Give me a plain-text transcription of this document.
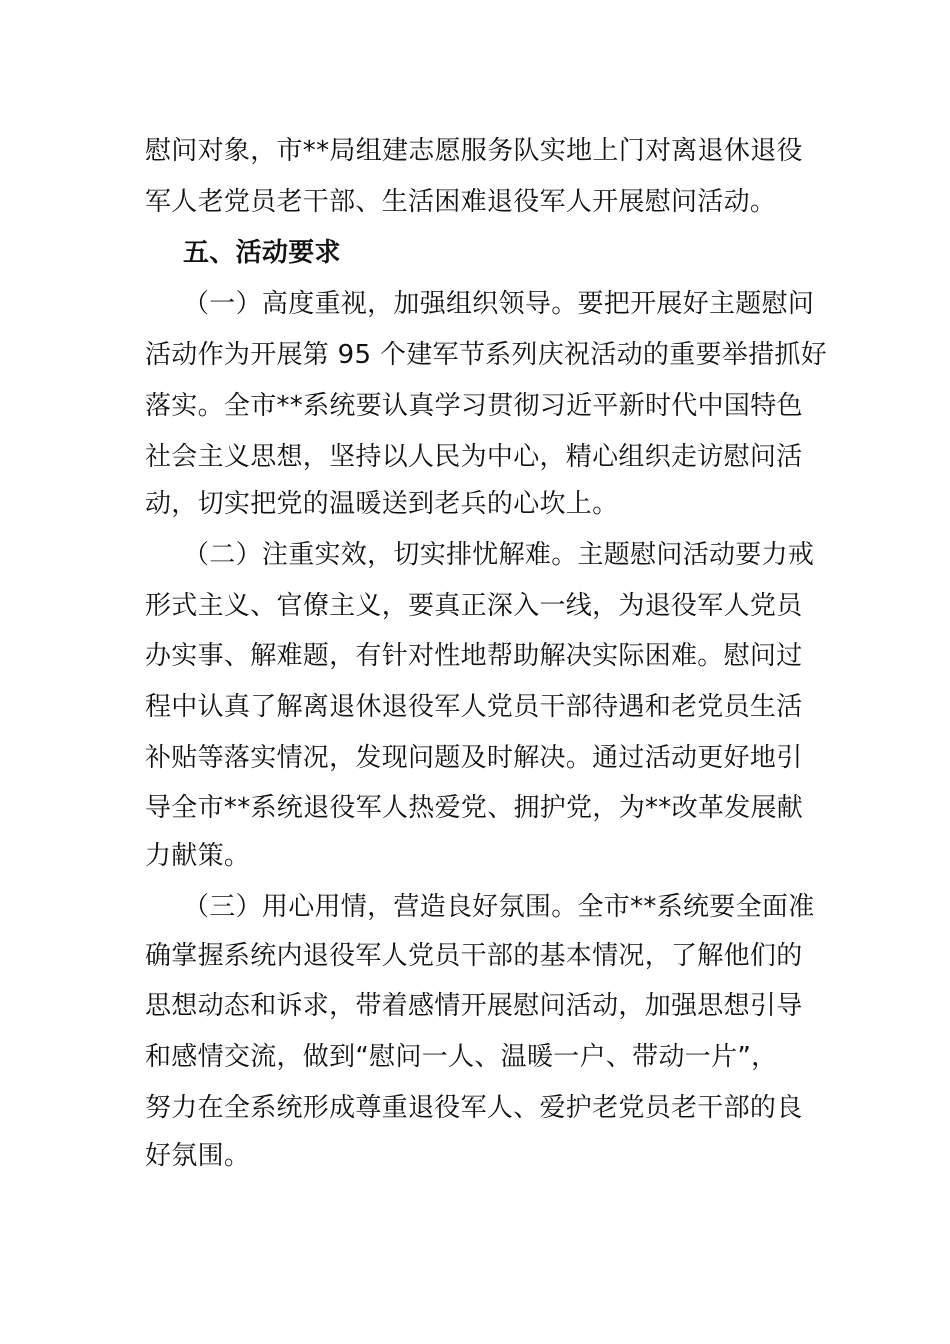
慰问对象，市**局组建志愿服务队实地上门对离退休退役
军人老党员老干部、生活困难退役军人开展慰问活动。
五、活动要求
（一）高度重视，加强组织领导。要把开展好主题慰问
活动作为开展第 95 个建军节系列庆祝活动的重要举措抓好
落实。全市**系统要认真学习贯彻习近平新时代中国特色
社会主义思想，坚持以人民为中心，精心组织走访慰问活
动，切实把党的温暖送到老兵的心坎上。
（二）注重实效，切实排忧解难。主题慰问活动要力戒
形式主义、官僚主义，要真正深入一线，为退役军人党员
办实事、解难题，有针对性地帮助解决实际困难。慰问过
程中认真了解离退休退役军人党员干部待遇和老党员生活
补贴等落实情况，发现问题及时解决。通过活动更好地引
导全市**系统退役军人热爱党、拥护党，为**改革发展献
力献策。
（三）用心用情，营造良好氛围。全市**系统要全面准
确掌握系统内退役军人党员干部的基本情况，了解他们的
思想动态和诉求，带着感情开展慰问活动，加强思想引导
和感情交流，做到“慰问一人、温暖一户、带动一片”，
努力在全系统形成尊重退役军人、爱护老党员老干部的良
好氛围。
